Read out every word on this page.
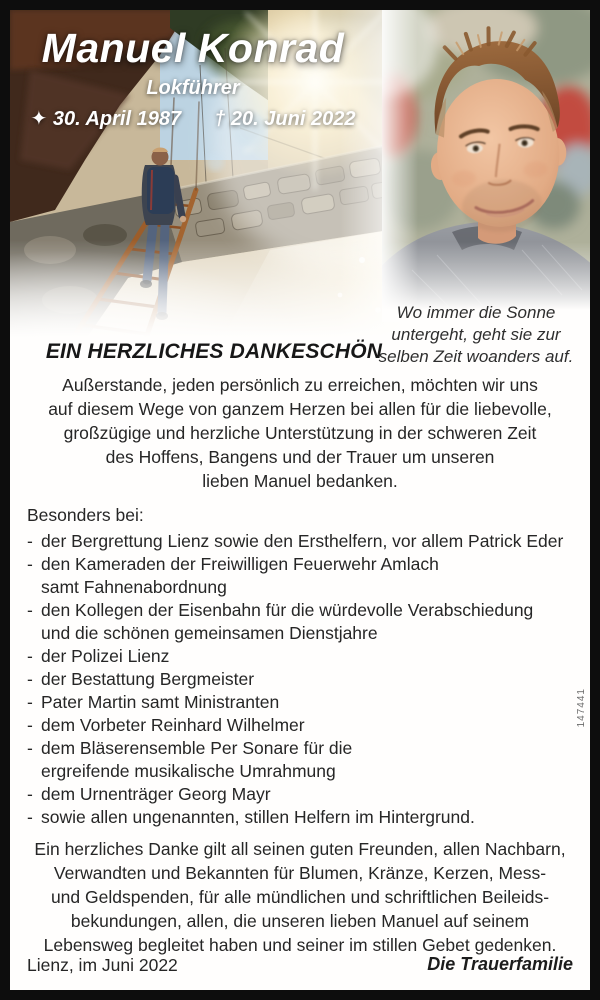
Manuel Konrad
Lokführer
✦ 30. April 1987 † 20. Juni 2022
Wo immer die Sonne
untergeht, geht sie zur
selben Zeit woanders auf.
EIN HERZLICHES DANKESCHÖN
Außerstande, jeden persönlich zu erreichen, möchten wir uns
auf diesem Wege von ganzem Herzen bei allen für die liebevolle,
großzügige und herzliche Unterstützung in der schweren Zeit
des Hoffens, Bangens und der Trauer um unseren
lieben Manuel bedanken.
Besonders bei:
- der Bergrettung Lienz sowie den Ersthelfern, vor allem Patrick Eder
- den Kameraden der Freiwilligen Feuerwehr Amlach
samt Fahnenabordnung
- den Kollegen der Eisenbahn für die würdevolle Verabschiedung
und die schönen gemeinsamen Dienstjahre
- der Polizei Lienz
- der Bestattung Bergmeister
- Pater Martin samt Ministranten
- dem Vorbeter Reinhard Wilhelmer
- dem Bläserensemble Per Sonare für die
ergreifende musikalische Umrahmung
- dem Urnenträger Georg Mayr
- sowie allen ungenannten, stillen Helfern im Hintergrund.
Ein herzliches Danke gilt all seinen guten Freunden, allen Nachbarn,
Verwandten und Bekannten für Blumen, Kränze, Kerzen, Mess-
und Geldspenden, für alle mündlichen und schriftlichen Beileids-
bekundungen, allen, die unseren lieben Manuel auf seinem
Lebensweg begleitet haben und seiner im stillen Gebet gedenken.
Lienz, im Juni 2022	Die Trauerfamilie
147441
